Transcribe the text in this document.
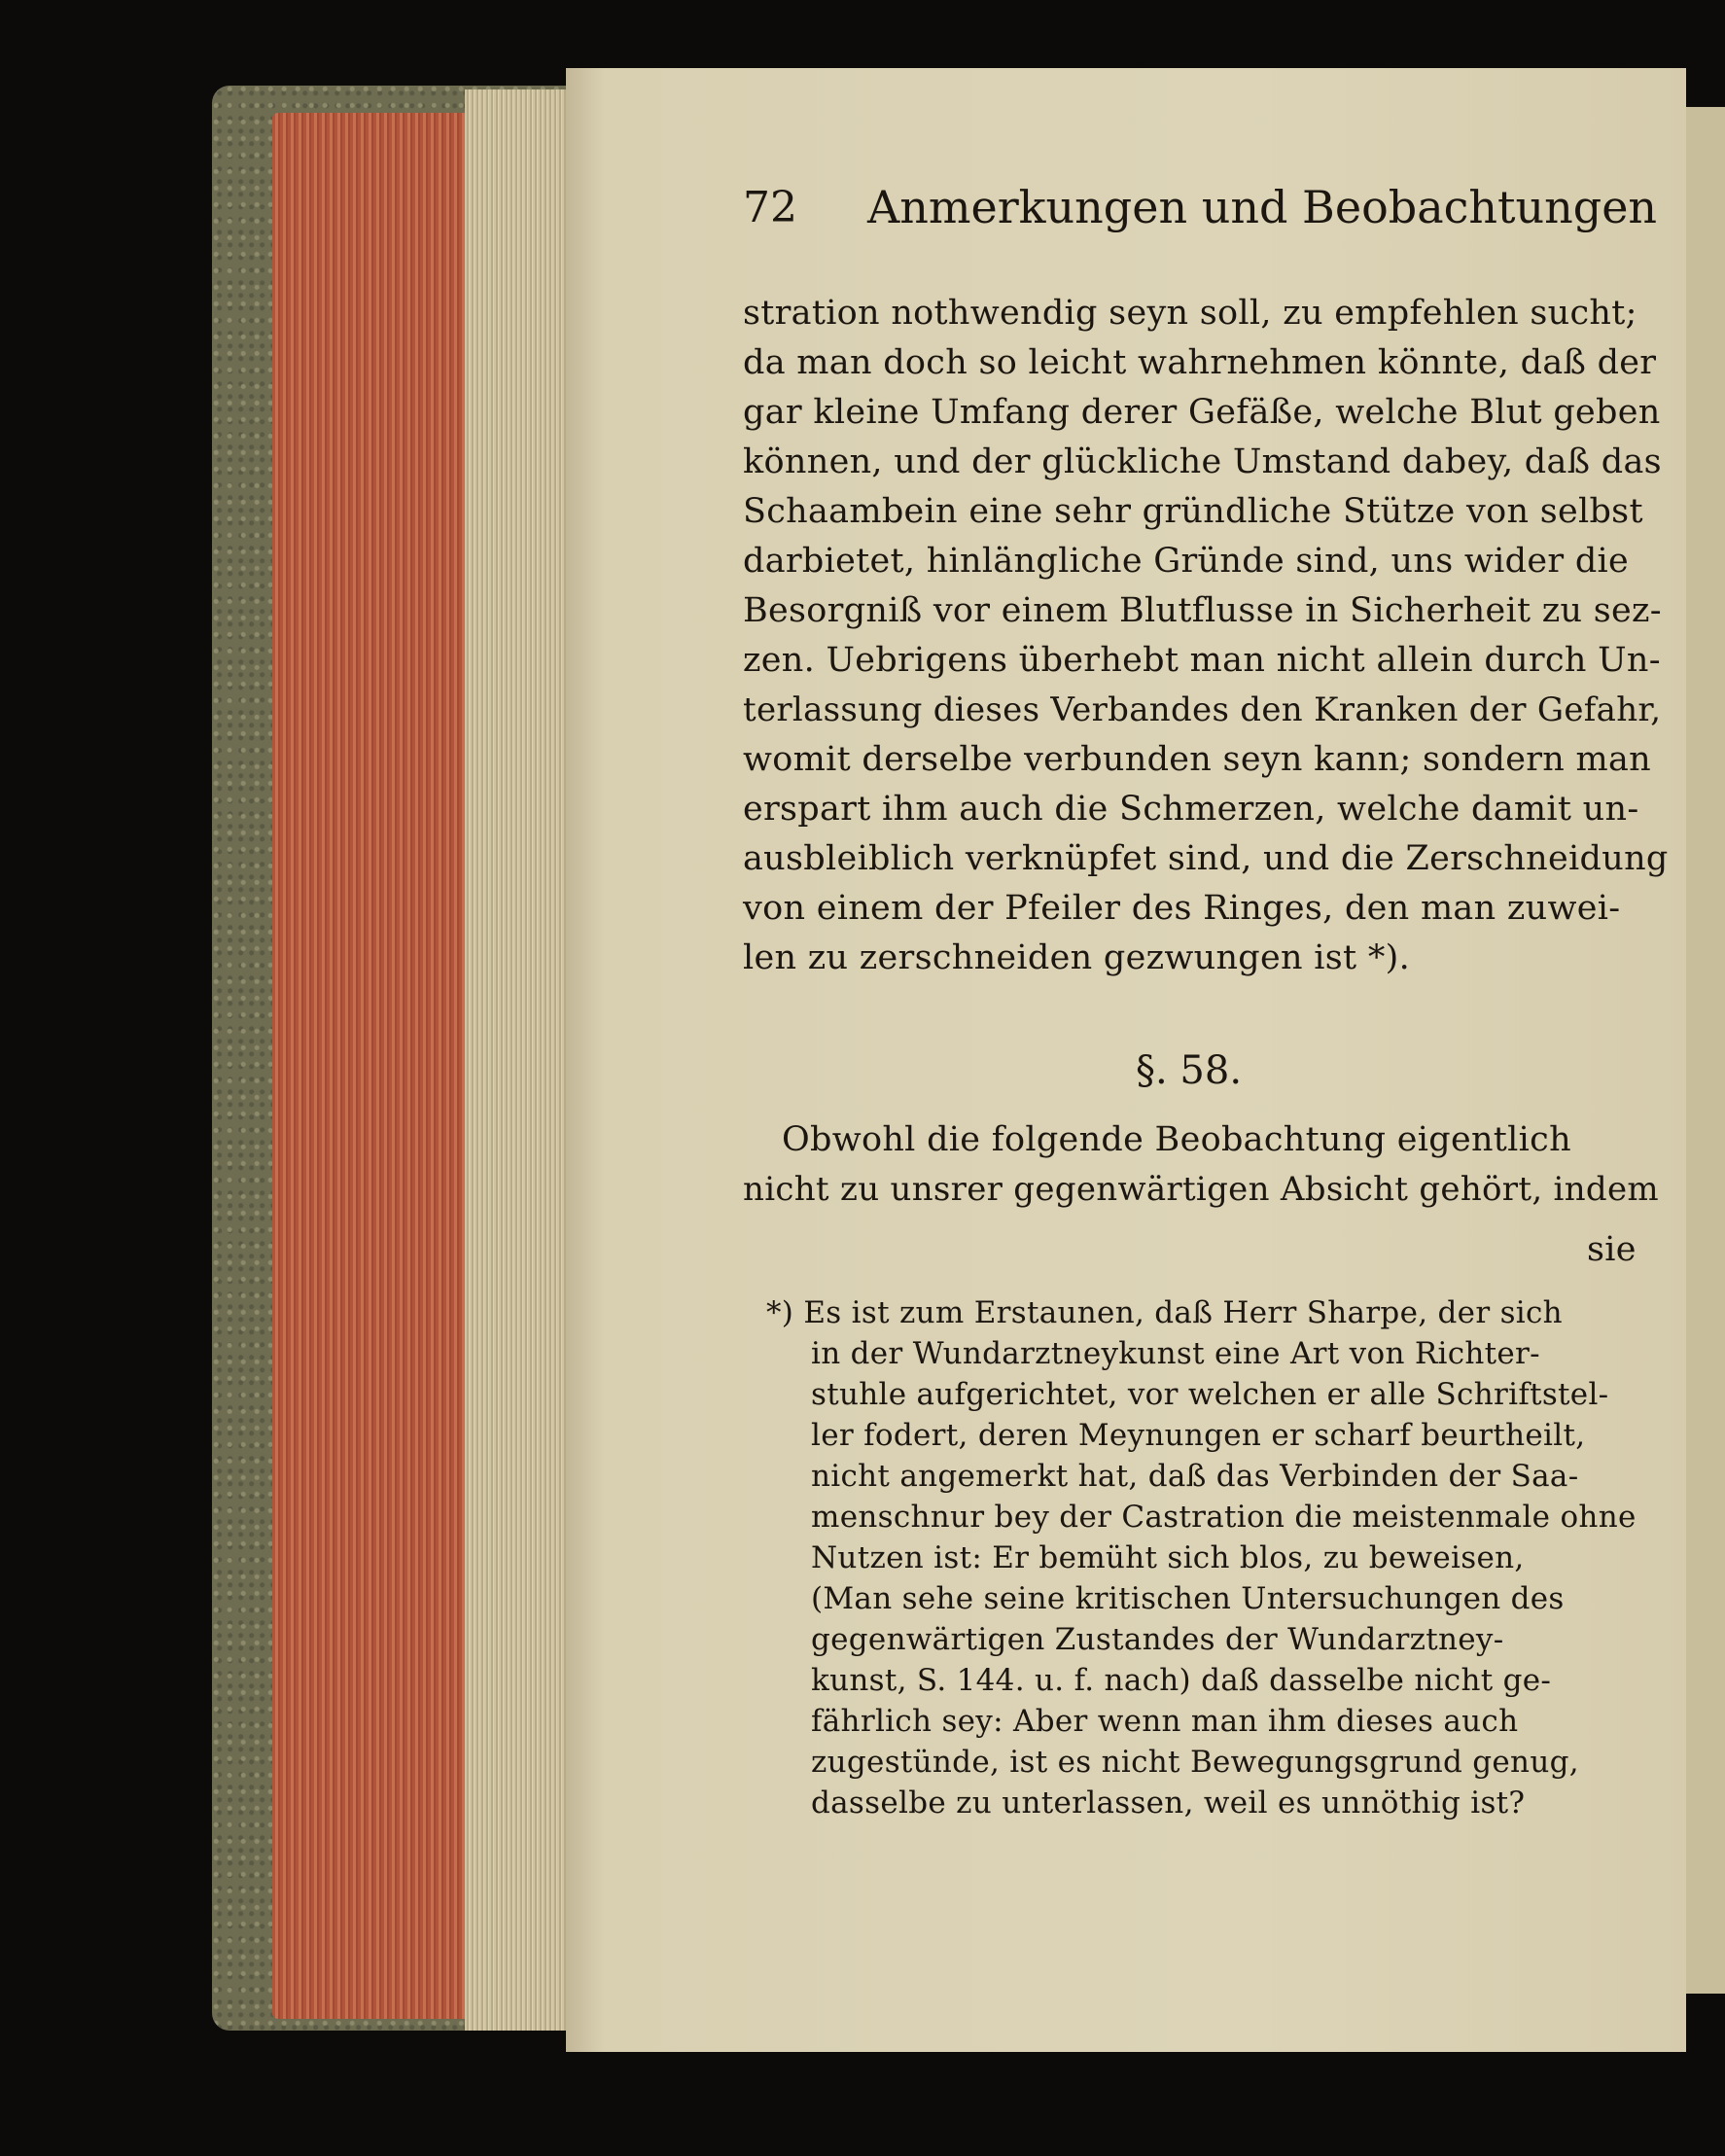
72 Anmerkungen und Beobachtungen
stration nothwendig seyn soll, zu empfehlen sucht;
da man doch so leicht wahrnehmen könnte, daß der
gar kleine Umfang derer Gefäße, welche Blut geben
können, und der glückliche Umstand dabey, daß das
Schaambein eine sehr gründliche Stütze von selbst
darbietet, hinlängliche Gründe sind, uns wider die
Besorgniß vor einem Blutflusse in Sicherheit zu sez-
zen. Uebrigens überhebt man nicht allein durch Un-
terlassung dieses Verbandes den Kranken der Gefahr,
womit derselbe verbunden seyn kann; sondern man
erspart ihm auch die Schmerzen, welche damit un-
ausbleiblich verknüpfet sind, und die Zerschneidung
von einem der Pfeiler des Ringes, den man zuwei-
len zu zerschneiden gezwungen ist *).
§. 58.
Obwohl die folgende Beobachtung eigentlich
nicht zu unsrer gegenwärtigen Absicht gehört, indem
sie
*) Es ist zum Erstaunen, daß Herr Sharpe, der sich
in der Wundarztneykunst eine Art von Richter-
stuhle aufgerichtet, vor welchen er alle Schriftstel-
ler fodert, deren Meynungen er scharf beurtheilt,
nicht angemerkt hat, daß das Verbinden der Saa-
menschnur bey der Castration die meistenmale ohne
Nutzen ist: Er bemüht sich blos, zu beweisen,
(Man sehe seine kritischen Untersuchungen des
gegenwärtigen Zustandes der Wundarztney-
kunst, S. 144. u. f. nach) daß dasselbe nicht ge-
fährlich sey: Aber wenn man ihm dieses auch
zugestünde, ist es nicht Bewegungsgrund genug,
dasselbe zu unterlassen, weil es unnöthig ist?
